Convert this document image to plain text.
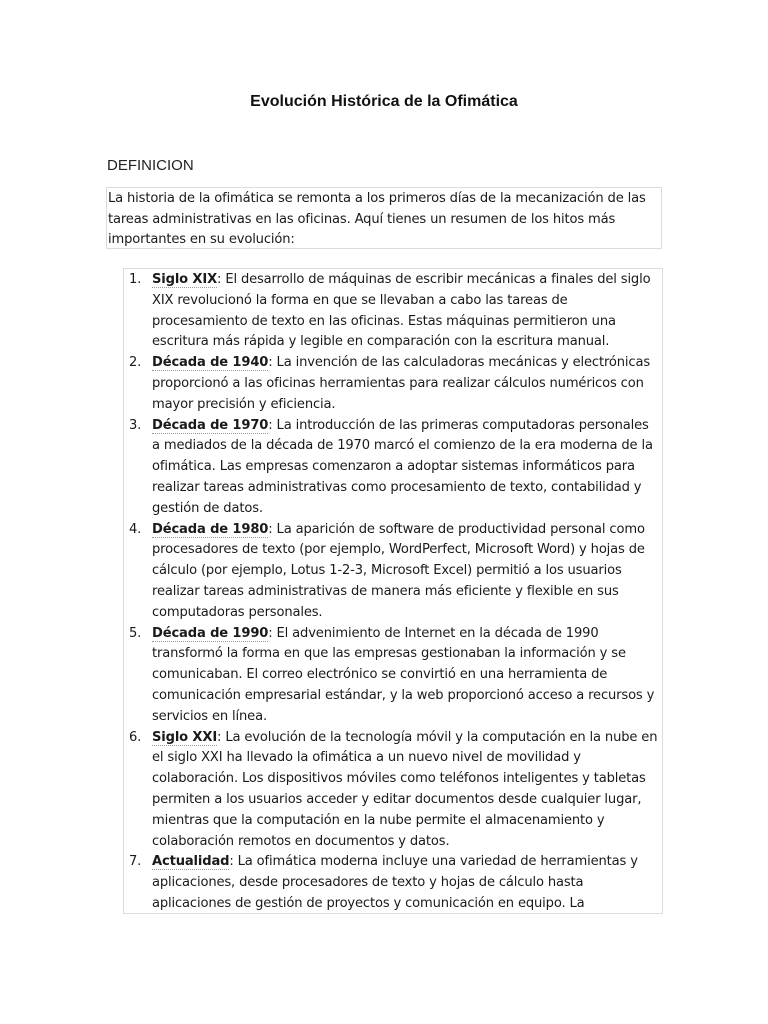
Evolución Histórica de la Ofimática
DEFINICION
La historia de la ofimática se remonta a los primeros días de la mecanización de las tareas administrativas en las oficinas. Aquí tienes un resumen de los hitos más importantes en su evolución:
1. Siglo XIX: El desarrollo de máquinas de escribir mecánicas a finales del siglo XIX revolucionó la forma en que se llevaban a cabo las tareas de procesamiento de texto en las oficinas. Estas máquinas permitieron una escritura más rápida y legible en comparación con la escritura manual.
2. Década de 1940: La invención de las calculadoras mecánicas y electrónicas proporcionó a las oficinas herramientas para realizar cálculos numéricos con mayor precisión y eficiencia.
3. Década de 1970: La introducción de las primeras computadoras personales a mediados de la década de 1970 marcó el comienzo de la era moderna de la ofimática. Las empresas comenzaron a adoptar sistemas informáticos para realizar tareas administrativas como procesamiento de texto, contabilidad y gestión de datos.
4. Década de 1980: La aparición de software de productividad personal como procesadores de texto (por ejemplo, WordPerfect, Microsoft Word) y hojas de cálculo (por ejemplo, Lotus 1-2-3, Microsoft Excel) permitió a los usuarios realizar tareas administrativas de manera más eficiente y flexible en sus computadoras personales.
5. Década de 1990: El advenimiento de Internet en la década de 1990 transformó la forma en que las empresas gestionaban la información y se comunicaban. El correo electrónico se convirtió en una herramienta de comunicación empresarial estándar, y la web proporcionó acceso a recursos y servicios en línea.
6. Siglo XXI: La evolución de la tecnología móvil y la computación en la nube en el siglo XXI ha llevado la ofimática a un nuevo nivel de movilidad y colaboración. Los dispositivos móviles como teléfonos inteligentes y tabletas permiten a los usuarios acceder y editar documentos desde cualquier lugar, mientras que la computación en la nube permite el almacenamiento y colaboración remotos en documentos y datos.
7. Actualidad: La ofimática moderna incluye una variedad de herramientas y aplicaciones, desde procesadores de texto y hojas de cálculo hasta aplicaciones de gestión de proyectos y comunicación en equipo. La
